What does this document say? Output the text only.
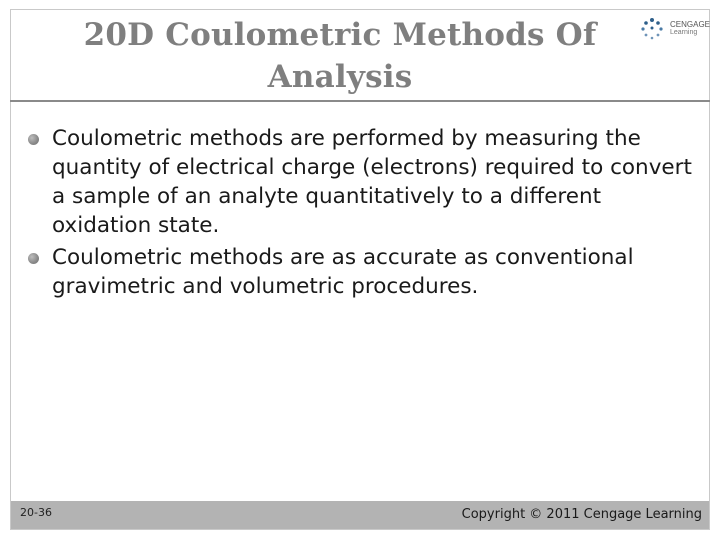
20D Coulometric Methods Of Analysis
CENGAGE
Learning
Coulometric methods are performed by measuring the quantity of electrical charge (electrons) required to convert a sample of an analyte quantitatively to a different oxidation state.
Coulometric methods are as accurate as conventional gravimetric and volumetric procedures.
20-36	Copyright © 2011 Cengage Learning
